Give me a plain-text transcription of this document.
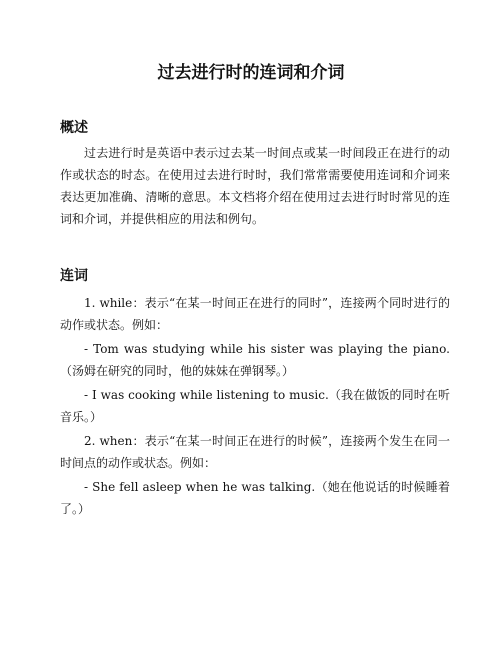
过去进行时的连词和介词
概述

过去进行时是英语中表示过去某一时间点或某一时间段正在进行的动作或状态的时态。在使用过去进行时时，我们常常需要使用连词和介词来表达更加准确、清晰的意思。本文档将介绍在使用过去进行时时常见的连词和介词，并提供相应的用法和例句。

连词

1. while：表示“在某一时间正在进行的同时”，连接两个同时进行的动作或状态。例如：

- Tom was studying while his sister was playing the piano.（汤姆在研究的同时，他的妹妹在弹钢琴。）

- I was cooking while listening to music.（我在做饭的同时在听音乐。）

2. when：表示“在某一时间正在进行的时候”，连接两个发生在同一时间点的动作或状态。例如：

- She fell asleep when he was talking.（她在他说话的时候睡着了。）
